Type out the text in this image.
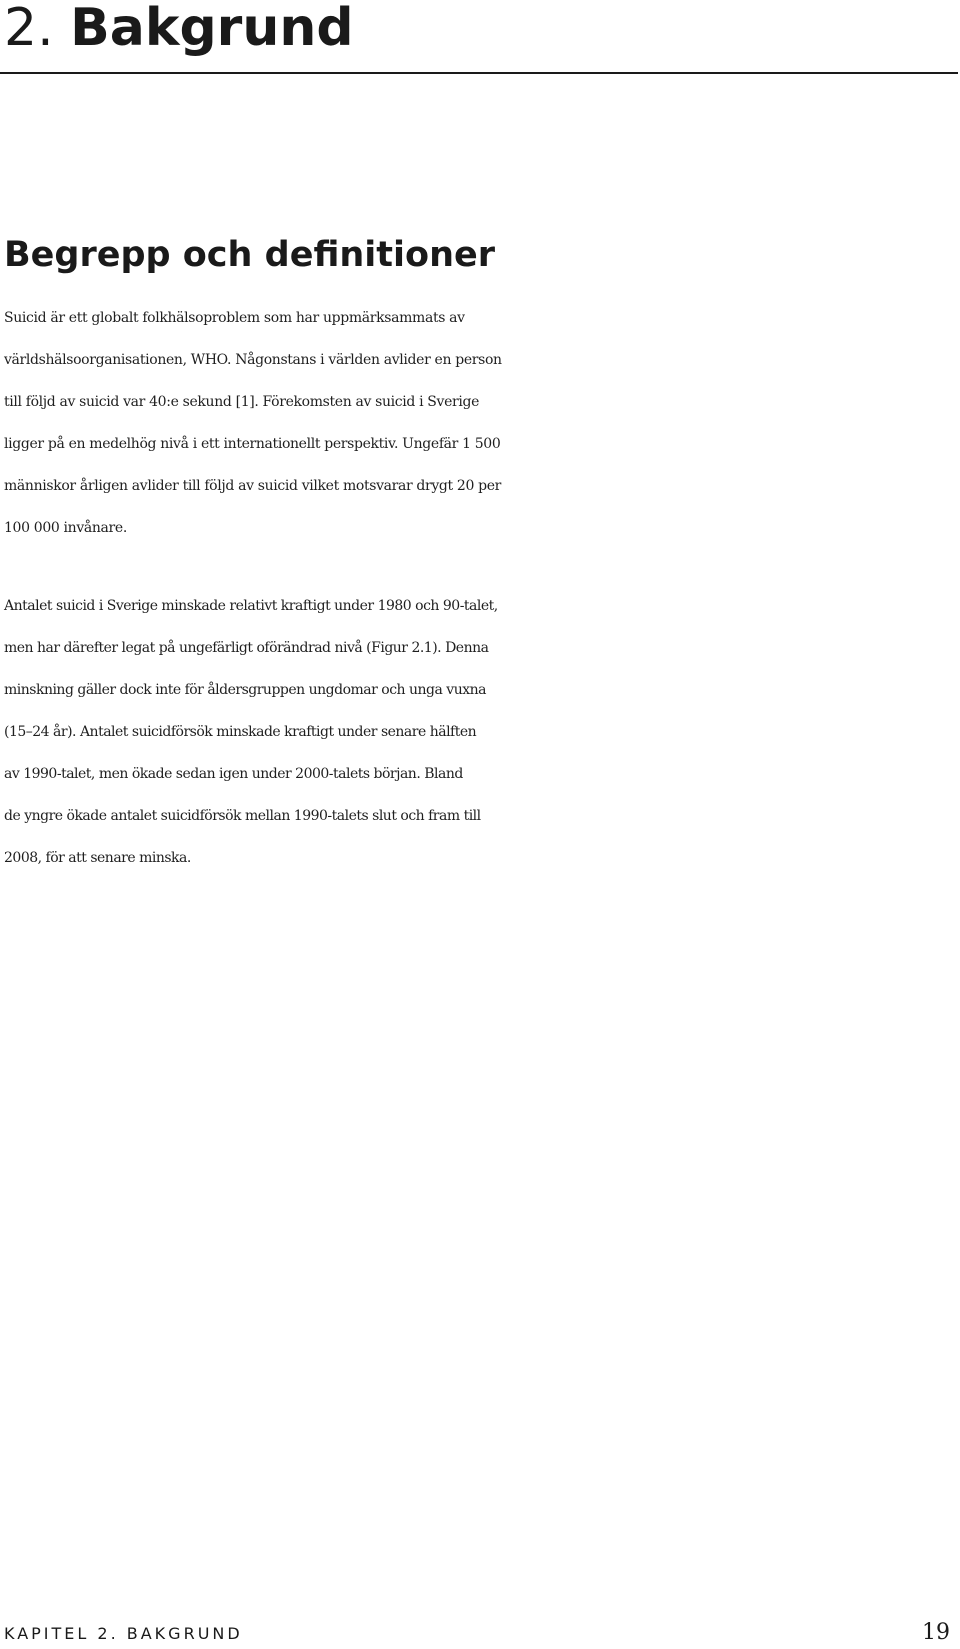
2. Bakgrund
Begrepp och definitioner

Suicid är ett globalt folkhälsoproblem som har uppmärksammats av
världshälsoorganisationen, WHO. Någonstans i världen avlider en person
till följd av suicid var 40:e sekund [1]. Förekomsten av suicid i Sverige
ligger på en medelhög nivå i ett internationellt perspektiv. Ungefär 1 500
människor årligen avlider till följd av suicid vilket motsvarar drygt 20 per
100 000 invånare.

Antalet suicid i Sverige minskade relativt kraftigt under 1980 och 90-talet,
men har därefter legat på ungefärligt oförändrad nivå (Figur 2.1). Denna
minskning gäller dock inte för åldersgruppen ungdomar och unga vuxna
(15–24 år). Antalet suicidförsök minskade kraftigt under senare hälften
av 1990-talet, men ökade sedan igen under 2000-talets början. Bland
de yngre ökade antalet suicidförsök mellan 1990-talets slut och fram till
2008, för att senare minska.

KAPITEL 2. BAKGRUND	19
